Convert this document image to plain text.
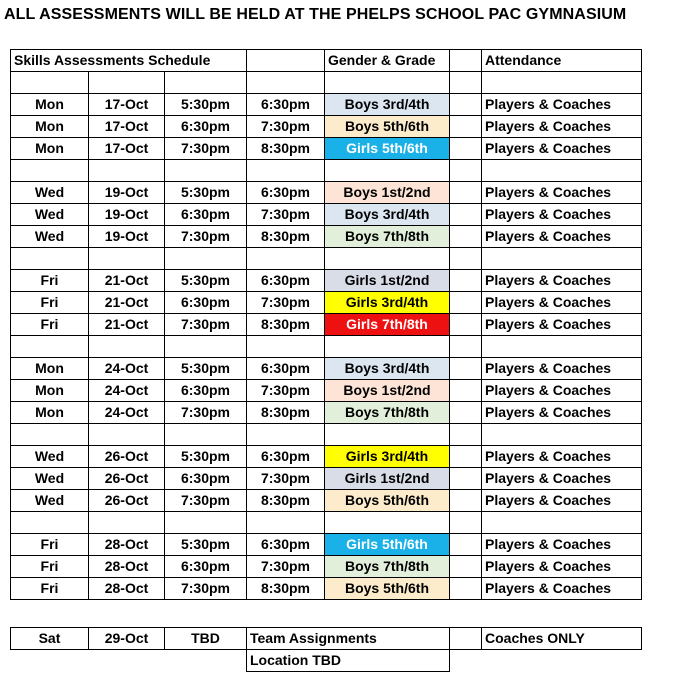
ALL ASSESSMENTS WILL BE HELD AT THE PHELPS SCHOOL PAC GYMNASIUM
Skills Assessments Schedule				Gender & Grade		Attendance

Mon	17-Oct	5:30pm	6:30pm	Boys 3rd/4th		Players & Coaches
Mon	17-Oct	6:30pm	7:30pm	Boys 5th/6th		Players & Coaches
Mon	17-Oct	7:30pm	8:30pm	Girls 5th/6th		Players & Coaches

Wed	19-Oct	5:30pm	6:30pm	Boys 1st/2nd		Players & Coaches
Wed	19-Oct	6:30pm	7:30pm	Boys 3rd/4th		Players & Coaches
Wed	19-Oct	7:30pm	8:30pm	Boys 7th/8th		Players & Coaches

Fri	21-Oct	5:30pm	6:30pm	Girls 1st/2nd		Players & Coaches
Fri	21-Oct	6:30pm	7:30pm	Girls 3rd/4th		Players & Coaches
Fri	21-Oct	7:30pm	8:30pm	Girls 7th/8th		Players & Coaches

Mon	24-Oct	5:30pm	6:30pm	Boys 3rd/4th		Players & Coaches
Mon	24-Oct	6:30pm	7:30pm	Boys 1st/2nd		Players & Coaches
Mon	24-Oct	7:30pm	8:30pm	Boys 7th/8th		Players & Coaches

Wed	26-Oct	5:30pm	6:30pm	Girls 3rd/4th		Players & Coaches
Wed	26-Oct	6:30pm	7:30pm	Girls 1st/2nd		Players & Coaches
Wed	26-Oct	7:30pm	8:30pm	Boys 5th/6th		Players & Coaches

Fri	28-Oct	5:30pm	6:30pm	Girls 5th/6th		Players & Coaches
Fri	28-Oct	6:30pm	7:30pm	Boys 7th/8th		Players & Coaches
Fri	28-Oct	7:30pm	8:30pm	Boys 5th/6th		Players & Coaches

Sat	29-Oct	TBD	Team Assignments		Coaches ONLY
			Location TBD		
